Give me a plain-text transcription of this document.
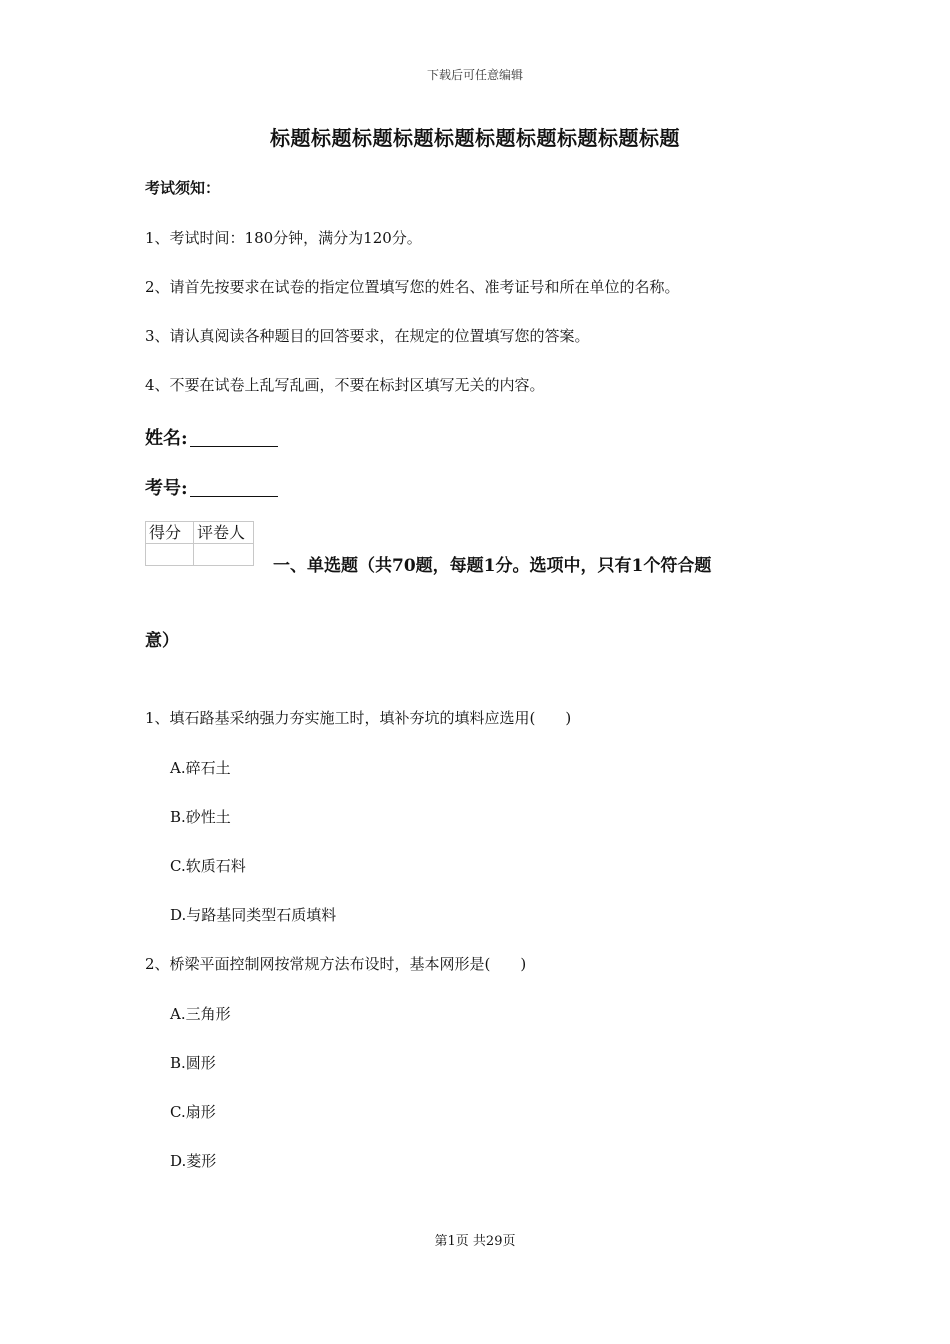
下载后可任意编辑
标题标题标题标题标题标题标题标题标题标题
考试须知：
1、考试时间：180分钟，满分为120分。
2、请首先按要求在试卷的指定位置填写您的姓名、准考证号和所在单位的名称。
3、请认真阅读各种题目的回答要求，在规定的位置填写您的答案。
4、不要在试卷上乱写乱画，不要在标封区填写无关的内容。
姓名:
考号:
得分	评卷人

一、单选题（共70题，每题1分。选项中，只有1个符合题
意）
1、填石路基采纳强力夯实施工时，填补夯坑的填料应选用(　　)
A.碎石土
B.砂性土
C.软质石料
D.与路基同类型石质填料
2、桥梁平面控制网按常规方法布设时，基本网形是(　　)
A.三角形
B.圆形
C.扇形
D.菱形
第1页 共29页
